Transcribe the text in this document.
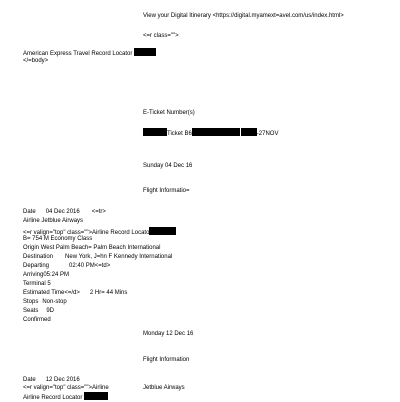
View your Digital Itinerary <https://digital.myamext=avel.com/us/index.html>
<=r class="">
American Express Travel Record Locator
</=body>
E-Ticket Number(s)
Ticket B6	-27NOV
Sunday 04 Dec 16
Flight Informatio=
Date 04 Dec 2016 <=tr>
Airline Jetblue Airways
<=r valign="top" class="">Airline Record Locato
B= 754 M Economy Class
Origin West Palm Beach= Palm Beach International
Destination New York, J=hn F Kennedy International
Departing	02:40 PM<=td>
Arriving05:24 PM
Terminal 5
Estimated Time<=/d> 2 Hr= 44 Mins
Stops Non-stop
Seats 9D
Confirmed
Monday 12 Dec 16
Flight Information
Date 12 Dec 2016
<=r valign="top" class="">Airline	Jetblue Airways
Airline Record Locator
